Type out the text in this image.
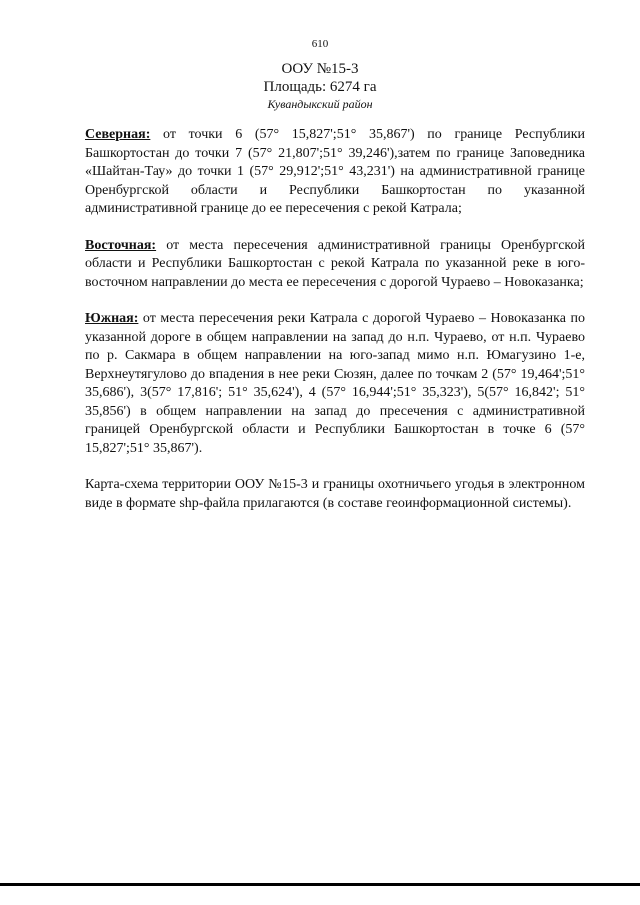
610
ООУ №15-3
Площадь: 6274 га
Кувандыкский район

Северная: от точки 6 (57° 15,827';51° 35,867') по границе Республики Башкортостан до точки 7 (57° 21,807';51° 39,246'),затем по границе Заповедника «Шайтан-Тау» до точки 1 (57° 29,912';51° 43,231') на административной границе Оренбургской области и Республики Башкортостан по указанной административной границе до ее пересечения с рекой Катрала;

Восточная: от места пересечения административной границы Оренбургской области и Республики Башкортостан с рекой Катрала по указанной реке в юго-восточном направлении до места ее пересечения с дорогой Чураево – Новоказанка;

Южная: от места пересечения реки Катрала с дорогой Чураево – Новоказанка по указанной дороге в общем направлении на запад до н.п. Чураево, от н.п. Чураево по р. Сакмара в общем направлении на юго-запад мимо н.п. Юмагузино 1-е, Верхнеутягулово до впадения в нее реки Сюзян, далее по точкам 2 (57° 19,464';51° 35,686'), 3(57° 17,816'; 51° 35,624'), 4 (57° 16,944';51° 35,323'), 5(57° 16,842'; 51° 35,856') в общем направлении на запад до пресечения с административной границей Оренбургской области и Республики Башкортостан в точке 6 (57° 15,827';51° 35,867').

Карта-схема территории ООУ №15-3 и границы охотничьего угодья в электронном виде в формате shp-файла прилагаются (в составе геоинформационной системы).
